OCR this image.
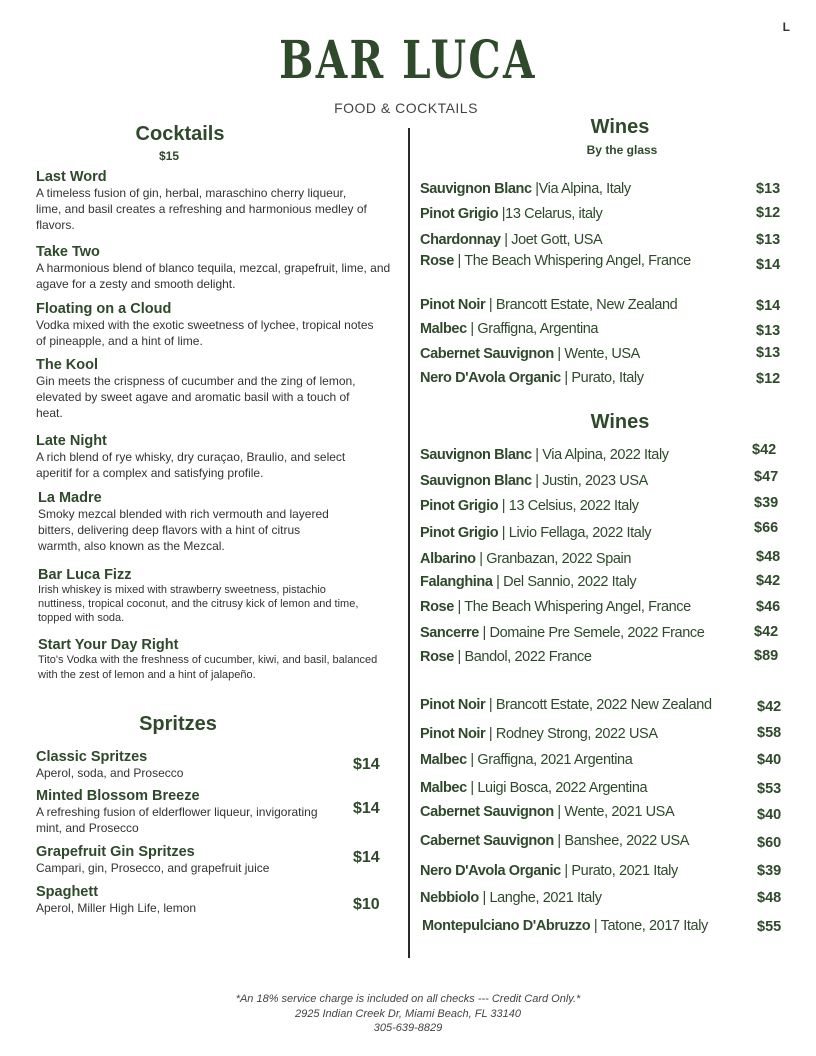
L
BAR LUCA
FOOD & COCKTAILS
Cocktails
$15
Last Word
A timeless fusion of gin, herbal, maraschino cherry liqueur, lime, and basil creates a refreshing and harmonious medley of flavors.
Take Two
A harmonious blend of blanco tequila, mezcal, grapefruit, lime, and agave for a zesty and smooth delight.
Floating on a Cloud
Vodka mixed with the exotic sweetness of lychee, tropical notes of pineapple, and a hint of lime.
The Kool
Gin meets the crispness of cucumber and the zing of lemon, elevated by sweet agave and aromatic basil with a touch of heat.
Late Night
A rich blend of rye whisky, dry curaçao, Braulio, and select aperitif for a complex and satisfying profile.
La Madre
Smoky mezcal blended with rich vermouth and layered bitters, delivering deep flavors with a hint of citrus warmth, also known as the Mezcal.
Bar Luca Fizz
Irish whiskey is mixed with strawberry sweetness, pistachio nuttiness, tropical coconut, and the citrusy kick of lemon and time, topped with soda.
Start Your Day Right
Tito's Vodka with the freshness of cucumber, kiwi, and basil, balanced with the zest of lemon and a hint of jalapeño.
Spritzes
Classic Spritzes
Aperol, soda, and Prosecco	$14
Minted Blossom Breeze
A refreshing fusion of elderflower liqueur, invigorating mint, and Prosecco
$14
Grapefruit Gin Spritzes
Campari, gin, Prosecco, and grapefruit juice
$14
Spaghett
Aperol, Miller High Life, lemon	$10
Wines
By the glass
Sauvignon Blanc |Via Alpina, Italy	$13
Pinot Grigio |13 Celarus, italy	$12
Chardonnay | Joet Gott, USA	$13
Rose | The Beach Whispering Angel, France	$14
Pinot Noir | Brancott Estate, New Zealand	$14
Malbec | Graffigna, Argentina	$13
Cabernet Sauvignon | Wente, USA	$13
Nero D'Avola Organic | Purato, Italy	$12
Wines
Sauvignon Blanc | Via Alpina, 2022 Italy	$42
Sauvignon Blanc | Justin, 2023 USA	$47
Pinot Grigio | 13 Celsius, 2022 Italy	$39
Pinot Grigio | Livio Fellaga, 2022 Italy	$66
Albarino | Granbazan, 2022 Spain	$48
Falanghina | Del Sannio, 2022 Italy	$42
Rose | The Beach Whispering Angel, France	$46
Sancerre | Domaine Pre Semele, 2022 France	$42
Rose | Bandol, 2022 France	$89
Pinot Noir | Brancott Estate, 2022 New Zealand	$42
Pinot Noir | Rodney Strong, 2022 USA	$58
Malbec | Graffigna, 2021 Argentina	$40
Malbec | Luigi Bosca, 2022 Argentina	$53
Cabernet Sauvignon | Wente, 2021 USA	$40
Cabernet Sauvignon | Banshee, 2022 USA	$60
Nero D'Avola Organic | Purato, 2021 Italy	$39
Nebbiolo | Langhe, 2021 Italy	$48
Montepulciano D'Abruzzo | Tatone, 2017 Italy	$55
*An 18% service charge is included on all checks --- Credit Card Only.*
2925 Indian Creek Dr, Miami Beach, FL 33140
305-639-8829
